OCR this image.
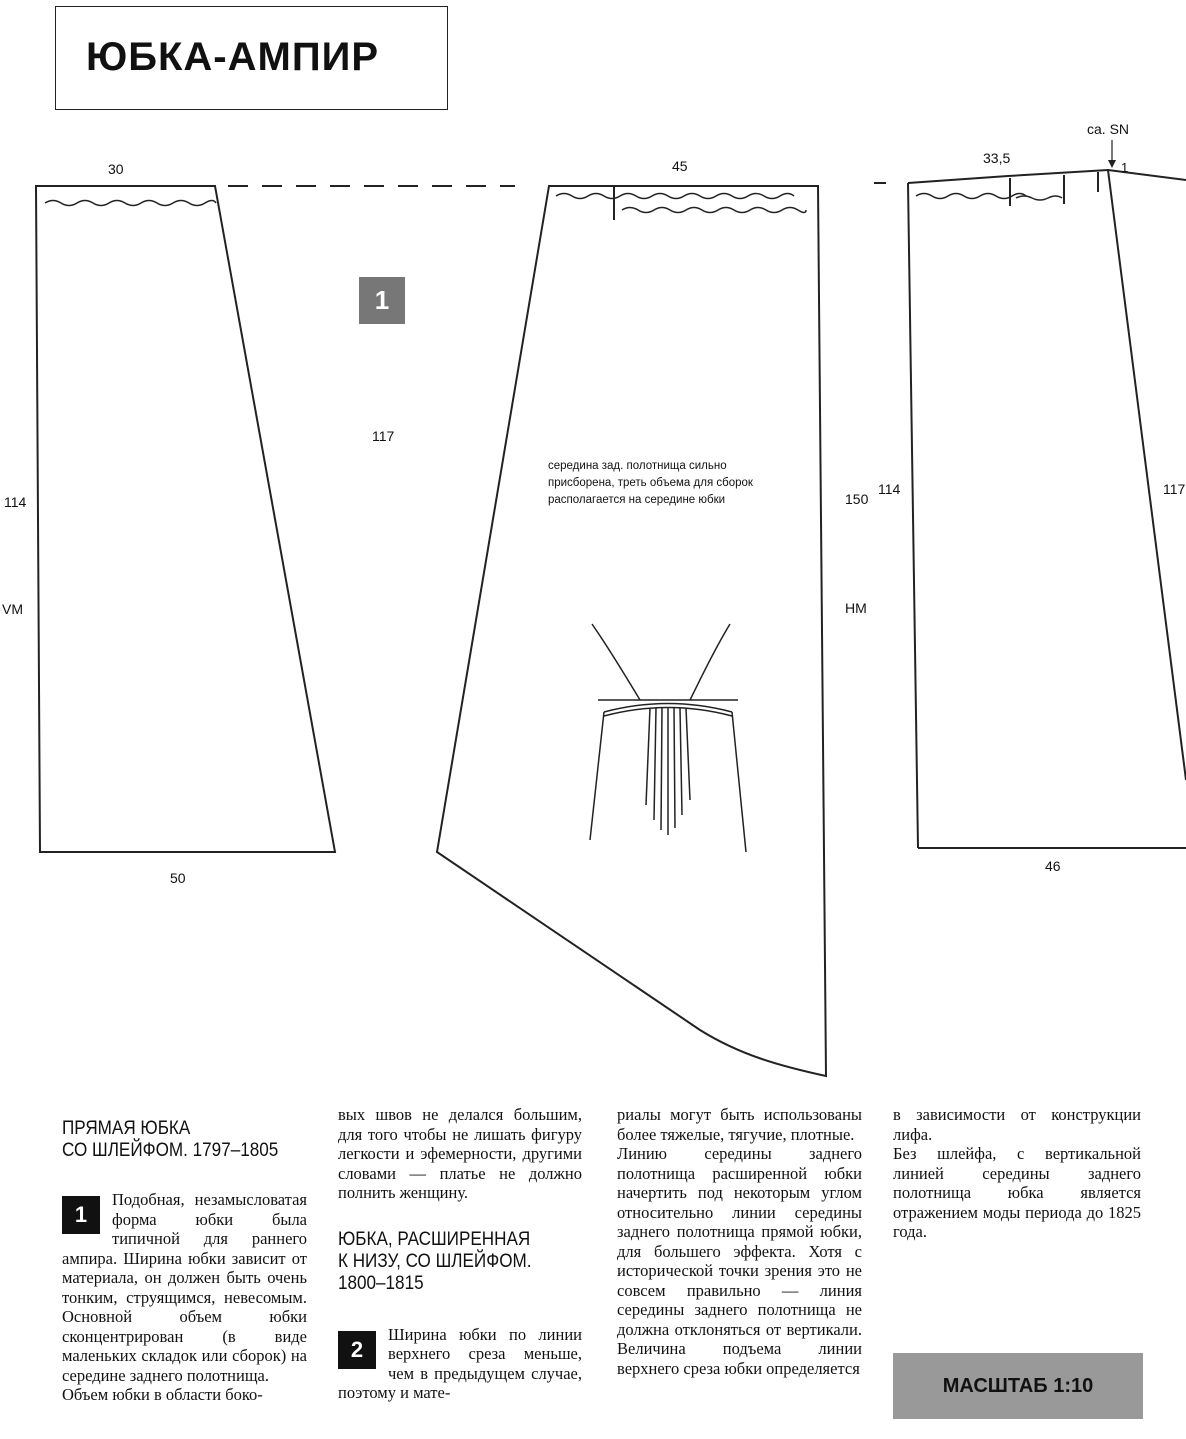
ЮБКА-АМПИР
1
30
114
VM
50
45
117
150
HM
середина зад. полотнища сильно
присборена, треть объема для сборок
располагается на середине юбки
33,5
1
ca. SN
114	117
46
ПРЯМАЯ ЮБКА
СО ШЛЕЙФОМ. 1797–1805
1

Подобная, незамысловатая форма юбки была типичной для раннего ампира. Ширина юбки зависит от материала, он должен быть очень тонким, струящимся, невесомым. Основной объем юбки сконцентрирован (в виде маленьких складок или сборок) на середине заднего полотнища.

Объем юбки в области боко-

вых швов не делался большим, для того чтобы не лишать фигуру легкости и эфемерности, другими словами — платье не должно полнить женщину.

ЮБКА, РАСШИРЕННАЯ
К НИЗУ, СО ШЛЕЙФОМ.
1800–1815
2

Ширина юбки по линии верхнего среза меньше, чем в предыдущем случае, поэтому и мате-

риалы могут быть использованы более тяжелые, тягучие, плотные.

Линию середины заднего полотнища расширенной юбки начертить под некоторым углом относительно линии середины заднего полотнища прямой юбки, для большего эффекта. Хотя с исторической точки зрения это не совсем правильно — линия середины заднего полотнища не должна отклоняться от вертикали. Величина подъема линии верхнего среза юбки определяется

в зависимости от конструкции лифа.

Без шлейфа, с вертикальной линией середины заднего полотнища юбка является отражением моды периода до 1825 года.

МАСШТАБ 1:10
